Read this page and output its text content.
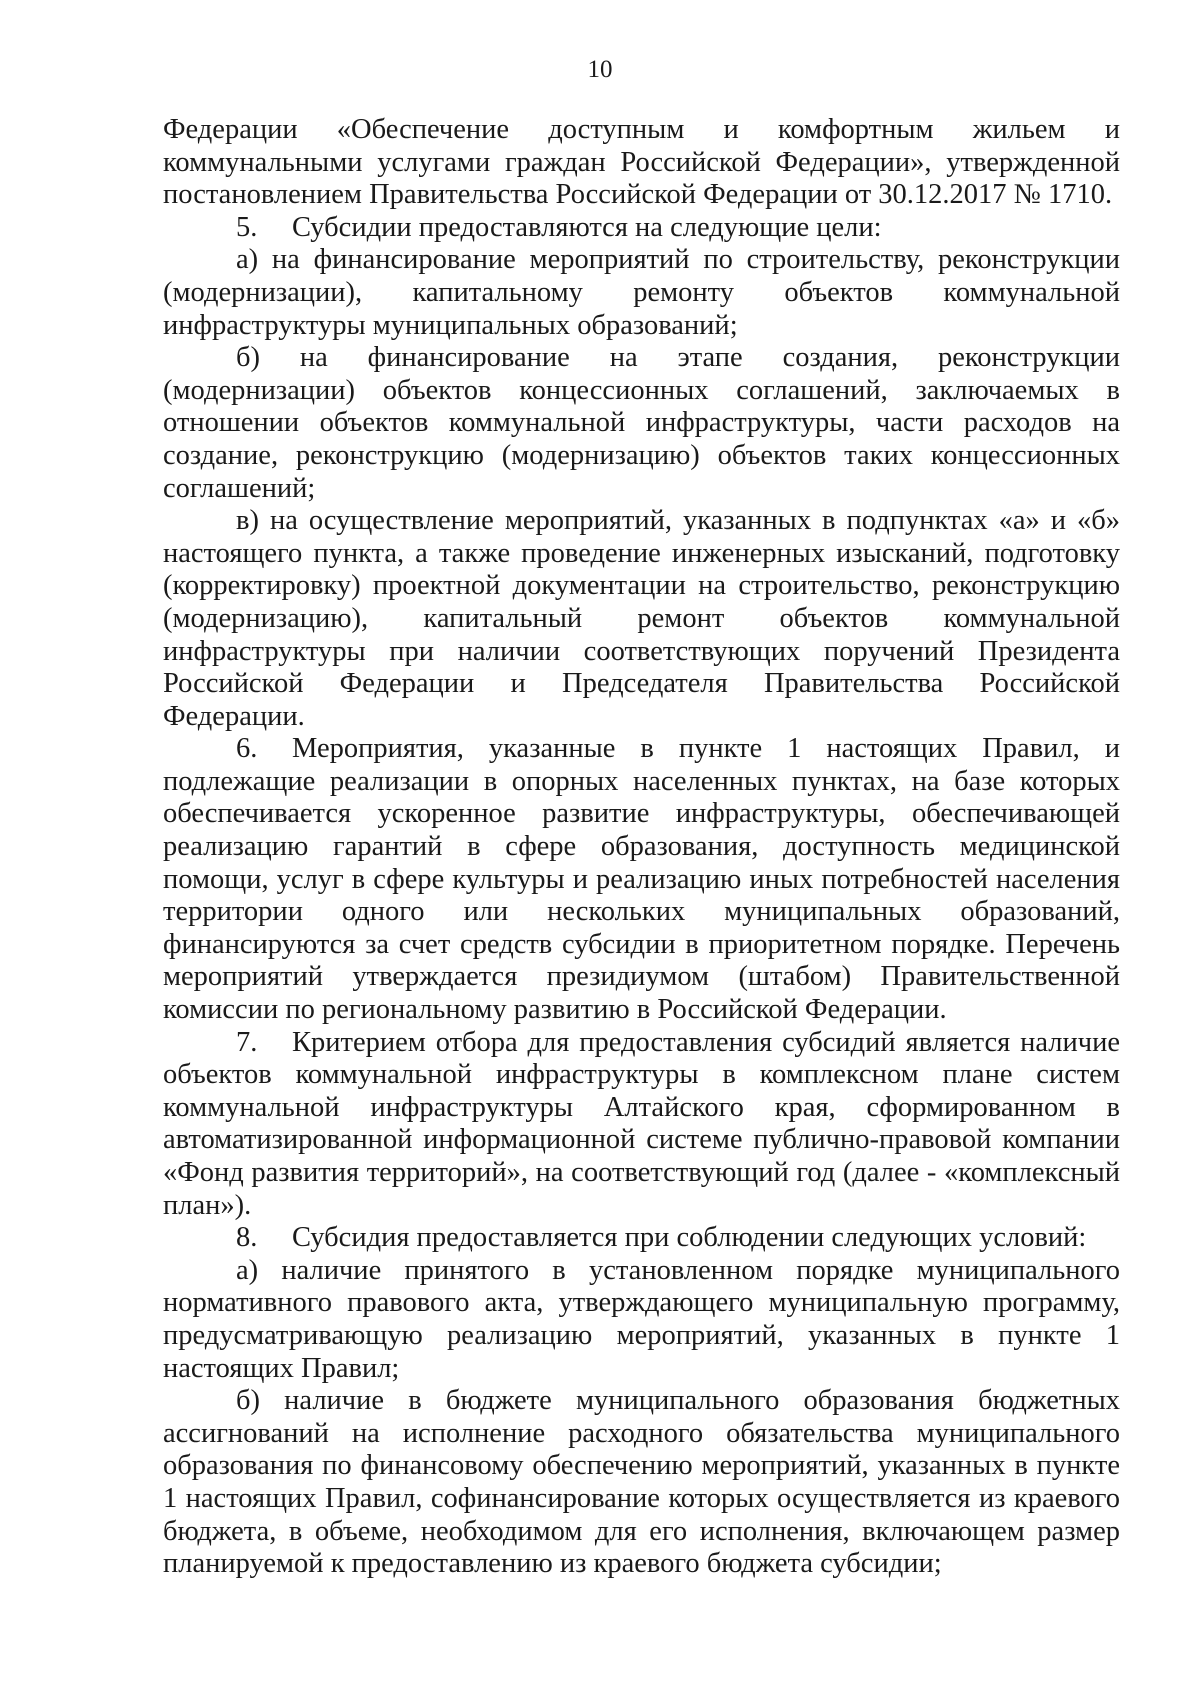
10

Федерации «Обеспечение доступным и комфортным жильем и коммунальными услугами граждан Российской Федерации», утвержденной постановлением Правительства Российской Федерации от 30.12.2017 № 1710.

5. Субсидии предоставляются на следующие цели:

а) на финансирование мероприятий по строительству, реконструкции (модернизации), капитальному ремонту объектов коммунальной инфраструктуры муниципальных образований;

б) на финансирование на этапе создания, реконструкции (модернизации) объектов концессионных соглашений, заключаемых в отношении объектов коммунальной инфраструктуры, части расходов на создание, реконструкцию (модернизацию) объектов таких концессионных соглашений;

в) на осуществление мероприятий, указанных в подпунктах «а» и «б» настоящего пункта, а также проведение инженерных изысканий, подготовку (корректировку) проектной документации на строительство, реконструкцию (модернизацию), капитальный ремонт объектов коммунальной инфраструктуры при наличии соответствующих поручений Президента Российской Федерации и Председателя Правительства Российской Федерации.

6. Мероприятия, указанные в пункте 1 настоящих Правил, и подлежащие реализации в опорных населенных пунктах, на базе которых обеспечивается ускоренное развитие инфраструктуры, обеспечивающей реализацию гарантий в сфере образования, доступность медицинской помощи, услуг в сфере культуры и реализацию иных потребностей населения территории одного или нескольких муниципальных образований, финансируются за счет средств субсидии в приоритетном порядке. Перечень мероприятий утверждается президиумом (штабом) Правительственной комиссии по региональному развитию в Российской Федерации.

7. Критерием отбора для предоставления субсидий является наличие объектов коммунальной инфраструктуры в комплексном плане систем коммунальной инфраструктуры Алтайского края, сформированном в автоматизированной информационной системе публично-правовой компании «Фонд развития территорий», на соответствующий год (далее - «комплексный план»).

8. Субсидия предоставляется при соблюдении следующих условий:

а) наличие принятого в установленном порядке муниципального нормативного правового акта, утверждающего муниципальную программу, предусматривающую реализацию мероприятий, указанных в пункте 1 настоящих Правил;

б) наличие в бюджете муниципального образования бюджетных ассигнований на исполнение расходного обязательства муниципального образования по финансовому обеспечению мероприятий, указанных в пункте 1 настоящих Правил, софинансирование которых осуществляется из краевого бюджета, в объеме, необходимом для его исполнения, включающем размер планируемой к предоставлению из краевого бюджета субсидии;
